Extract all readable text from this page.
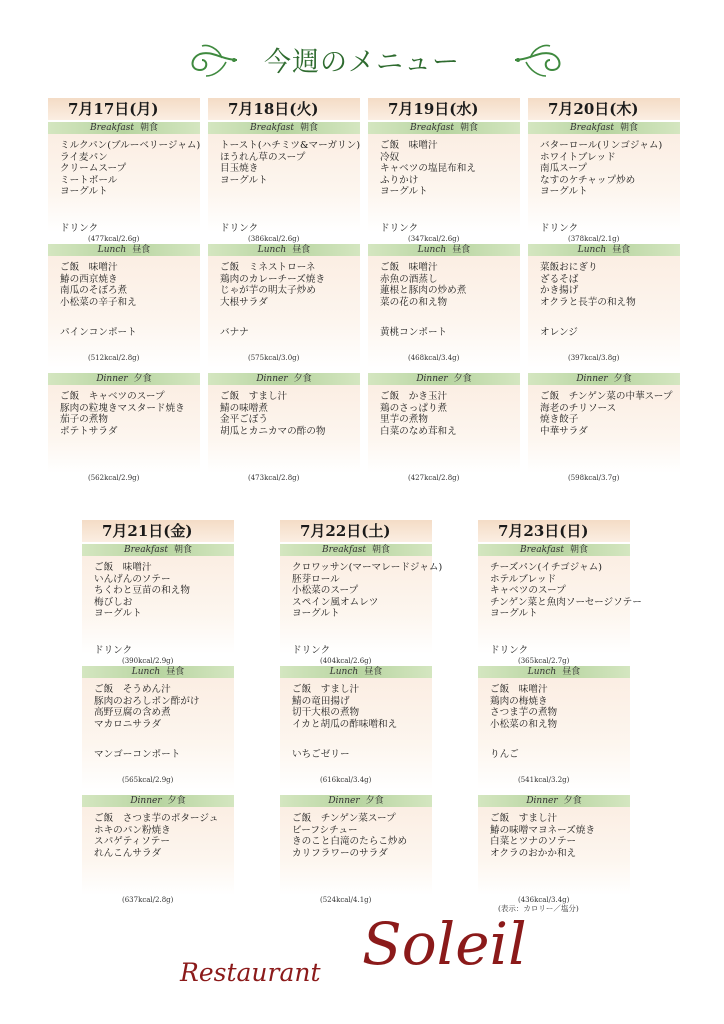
今週のメニュー
7月17日(月)
Breakfast 朝食
ミルクパン(ブルーベリージャム)
ライ麦パン
クリームスープ
ミートボール
ヨーグルト
ドリンク
(477kcal/2.6g)
Lunch 昼食
ご飯　味噌汁
鰆の西京焼き
南瓜のそぼろ煮
小松菜の辛子和え
パインコンポート
(512kcal/2.8g)
Dinner 夕食
ご飯　キャベツのスープ
豚肉の粒塊きマスタード焼き
茄子の煮物
ポテトサラダ
(562kcal/2.9g)
7月18日(火)
Breakfast 朝食
トースト(ハチミツ&マーガリン)
ほうれん草のスープ
目玉焼き
ヨーグルト
ドリンク
(386kcal/2.6g)
Lunch 昼食
ご飯　ミネストローネ
鶏肉のカレーチーズ焼き
じゃが芋の明太子炒め
大根サラダ
バナナ
(575kcal/3.0g)
Dinner 夕食
ご飯　すまし汁
鯖の味噌煮
金平ごぼう
胡瓜とカニカマの酢の物
(473kcal/2.8g)
7月19日(水)
Breakfast 朝食
ご飯　味噌汁
冷奴
キャベツの塩昆布和え
ふりかけ
ヨーグルト
ドリンク
(347kcal/2.6g)
Lunch 昼食
ご飯　味噌汁
赤魚の酒蒸し
蓮根と豚肉の炒め煮
菜の花の和え物
黄桃コンポート
(468kcal/3.4g)
Dinner 夕食
ご飯　かき玉汁
鶏のさっぱり煮
里芋の煮物
白菜のなめ茸和え
(427kcal/2.8g)
7月20日(木)
Breakfast 朝食
バターロール(リンゴジャム)
ホワイトブレッド
南瓜スープ
なすのケチャップ炒め
ヨーグルト
ドリンク
(378kcal/2.1g)
Lunch 昼食
菜飯おにぎり
ざるそば
かき揚げ
オクラと長芋の和え物
オレンジ
(397kcal/3.8g)
Dinner 夕食
ご飯　チンゲン菜の中華スープ
海老のチリソース
焼き餃子
中華サラダ
(598kcal/3.7g)
7月21日(金)
Breakfast 朝食
ご飯　味噌汁
いんげんのソテー
ちくわと豆苗の和え物
梅びしお
ヨーグルト
ドリンク
(390kcal/2.9g)
Lunch 昼食
ご飯　そうめん汁
豚肉のおろしポン酢がけ
高野豆腐の含め煮
マカロニサラダ
マンゴーコンポート
(565kcal/2.9g)
Dinner 夕食
ご飯　さつま芋のポタージュ
ホキのパン粉焼き
スパゲティソテー
れんこんサラダ
(637kcal/2.8g)
7月22日(土)
Breakfast 朝食
クロワッサン(マーマレードジャム)
胚芽ロール
小松菜のスープ
スペイン風オムレツ
ヨーグルト
ドリンク
(404kcal/2.6g)
Lunch 昼食
ご飯　すまし汁
鯖の竜田揚げ
切干大根の煮物
イカと胡瓜の酢味噌和え
いちごゼリー
(616kcal/3.4g)
Dinner 夕食
ご飯　チンゲン菜スープ
ビーフシチュー
きのこと白滝のたらこ炒め
カリフラワーのサラダ
(524kcal/4.1g)
7月23日(日)
Breakfast 朝食
チーズパン(イチゴジャム)
ホテルブレッド
キャベツのスープ
チンゲン菜と魚肉ソーセージソテー
ヨーグルト
ドリンク
(365kcal/2.7g)
Lunch 昼食
ご飯　味噌汁
鶏肉の梅焼き
さつま芋の煮物
小松菜の和え物
りんご
(541kcal/3.2g)
Dinner 夕食
ご飯　すまし汁
鰆の味噌マヨネーズ焼き
白菜とツナのソテー
オクラのおかか和え
(436kcal/3.4g)
(表示：カロリー／塩分)
Restaurant Soleil
